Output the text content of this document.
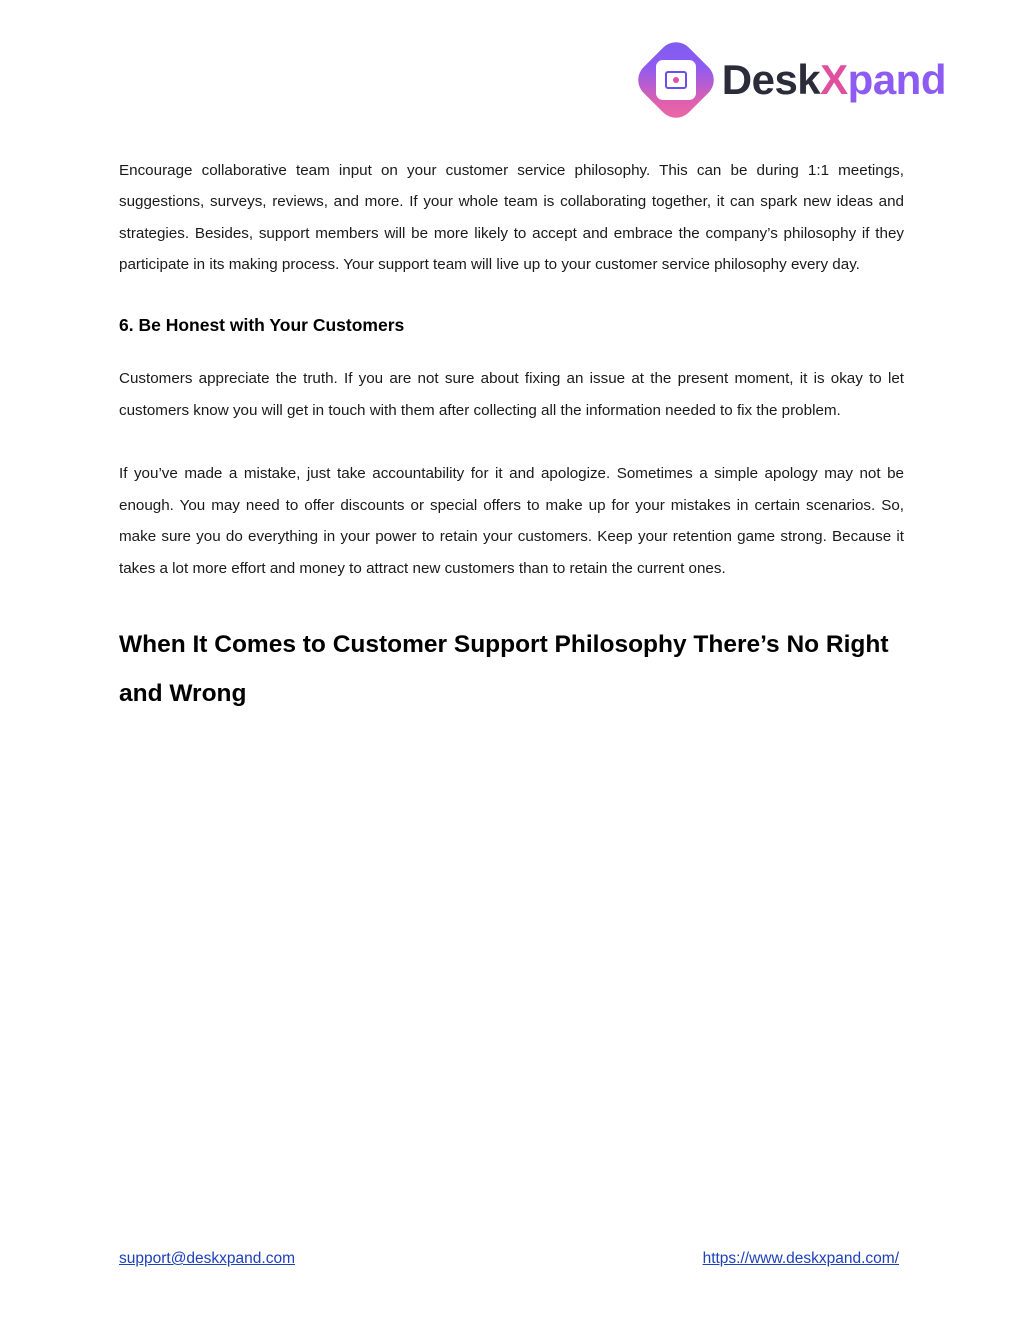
DeskXpand

Encourage collaborative team input on your customer service philosophy. This can be during 1:1 meetings, suggestions, surveys, reviews, and more. If your whole team is collaborating together, it can spark new ideas and strategies. Besides, support members will be more likely to accept and embrace the company’s philosophy if they participate in its making process. Your support team will live up to your customer service philosophy every day.

6. Be Honest with Your Customers

Customers appreciate the truth. If you are not sure about fixing an issue at the present moment, it is okay to let customers know you will get in touch with them after collecting all the information needed to fix the problem.

If you’ve made a mistake, just take accountability for it and apologize. Sometimes a simple apology may not be enough. You may need to offer discounts or special offers to make up for your mistakes in certain scenarios. So, make sure you do everything in your power to retain your customers. Keep your retention game strong. Because it takes a lot more effort and money to attract new customers than to retain the current ones.

When It Comes to Customer Support Philosophy There’s No Right
and Wrong
support@deskxpand.com	https://www.deskxpand.com/
